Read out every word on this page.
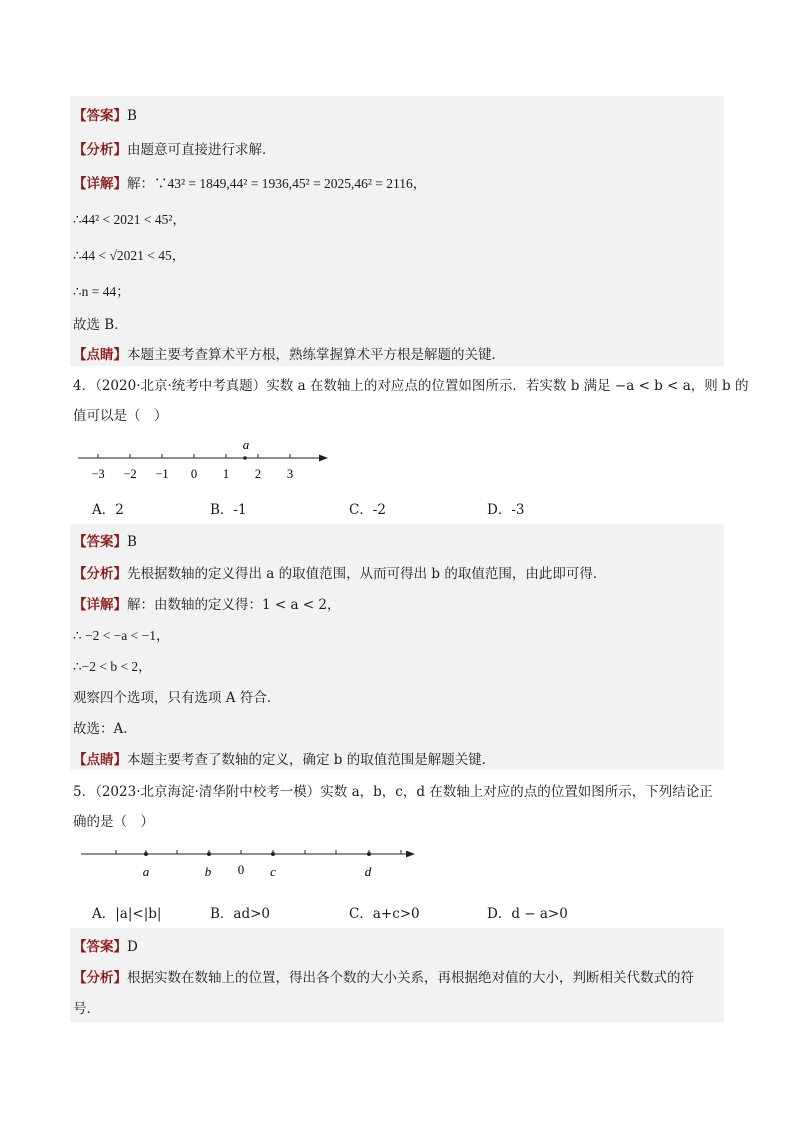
【答案】B
【分析】由题意可直接进行求解．
【详解】解：∵43² = 1849,44² = 1936,45² = 2025,46² = 2116，
∴44² < 2021 < 45²，
∴44 < √2021 < 45，
∴n = 44；
故选 B．
【点睛】本题主要考查算术平方根，熟练掌握算术平方根是解题的关键．
4．（2020·北京·统考中考真题）实数 a 在数轴上的对应点的位置如图所示．若实数 b 满足 −a < b < a，则 b 的
值可以是（　）
a
−3 −2 −1 0 1 2 3
A．2	B．-1	C．-2	D．-3
【答案】B
【分析】先根据数轴的定义得出 a 的取值范围，从而可得出 b 的取值范围，由此即可得．
【详解】解：由数轴的定义得：1 < a < 2，
∴ −2 < −a < −1，
∴−2 < b < 2，
观察四个选项，只有选项 A 符合．
故选：A．
【点睛】本题主要考查了数轴的定义，确定 b 的取值范围是解题关键．
5．（2023·北京海淀·清华附中校考一模）实数 a，b，c，d 在数轴上对应的点的位置如图所示，下列结论正
确的是（　）
a	b 0 c	d
A．|a|<|b|	B．ad>0	C．a+c>0	D．d − a>0
【答案】D
【分析】根据实数在数轴上的位置，得出各个数的大小关系，再根据绝对值的大小，判断相关代数式的符
号．
